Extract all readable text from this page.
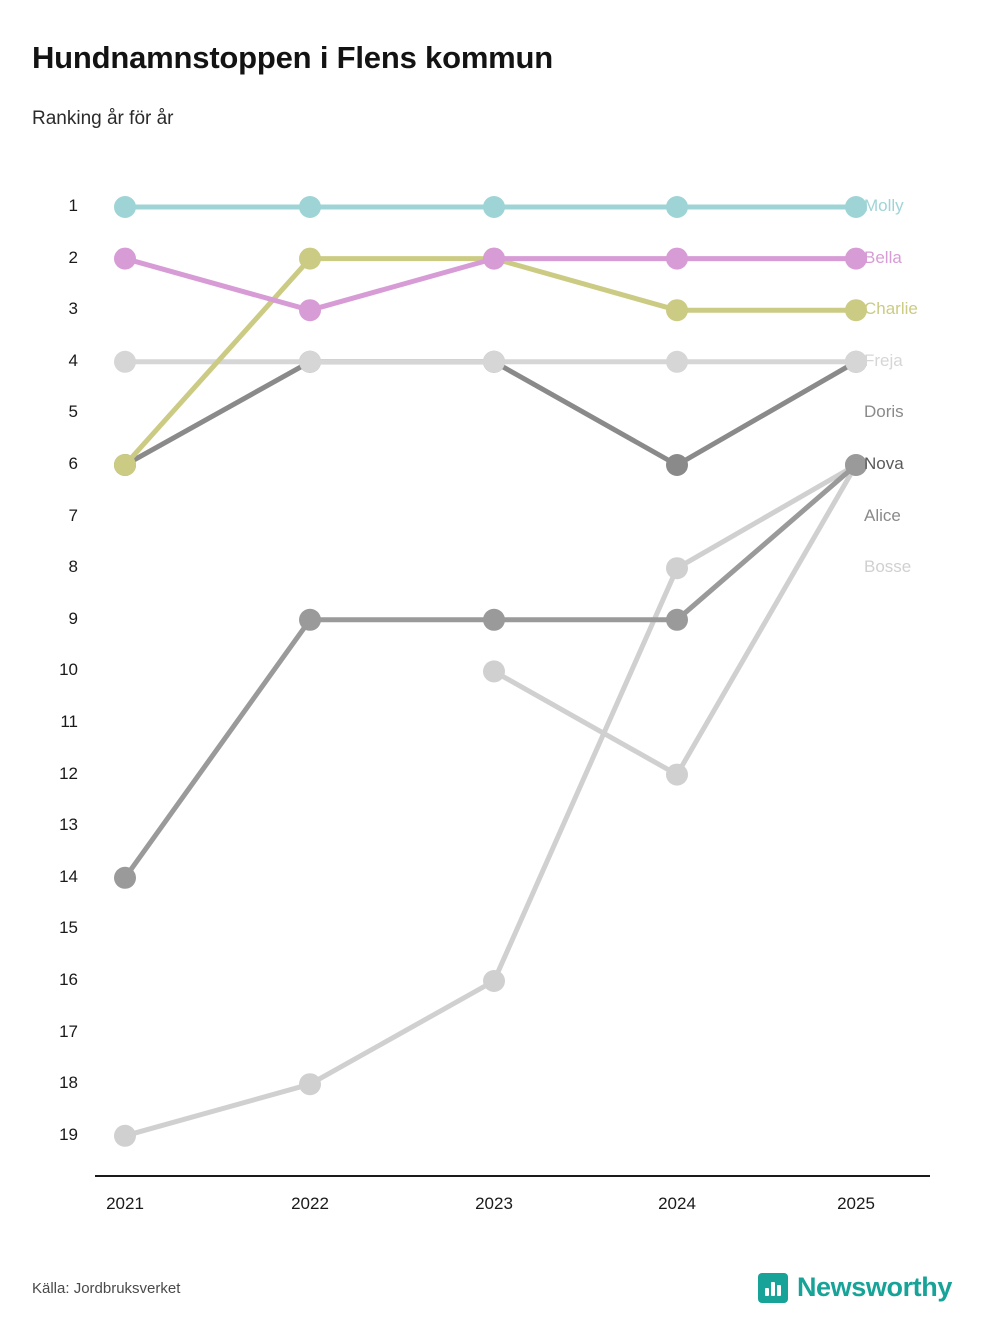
Hundnamnstoppen i Flens kommun
Ranking år för år
1
2
3
4
5
6
7
8
9
10
11
12
13
14
15
16
17
18
19
2021	2022	2023	2024	2025
Molly
Bella
Charlie
Freja
Doris
Nova
Alice
Bosse
Källa: Jordbruksverket	Newsworthy
